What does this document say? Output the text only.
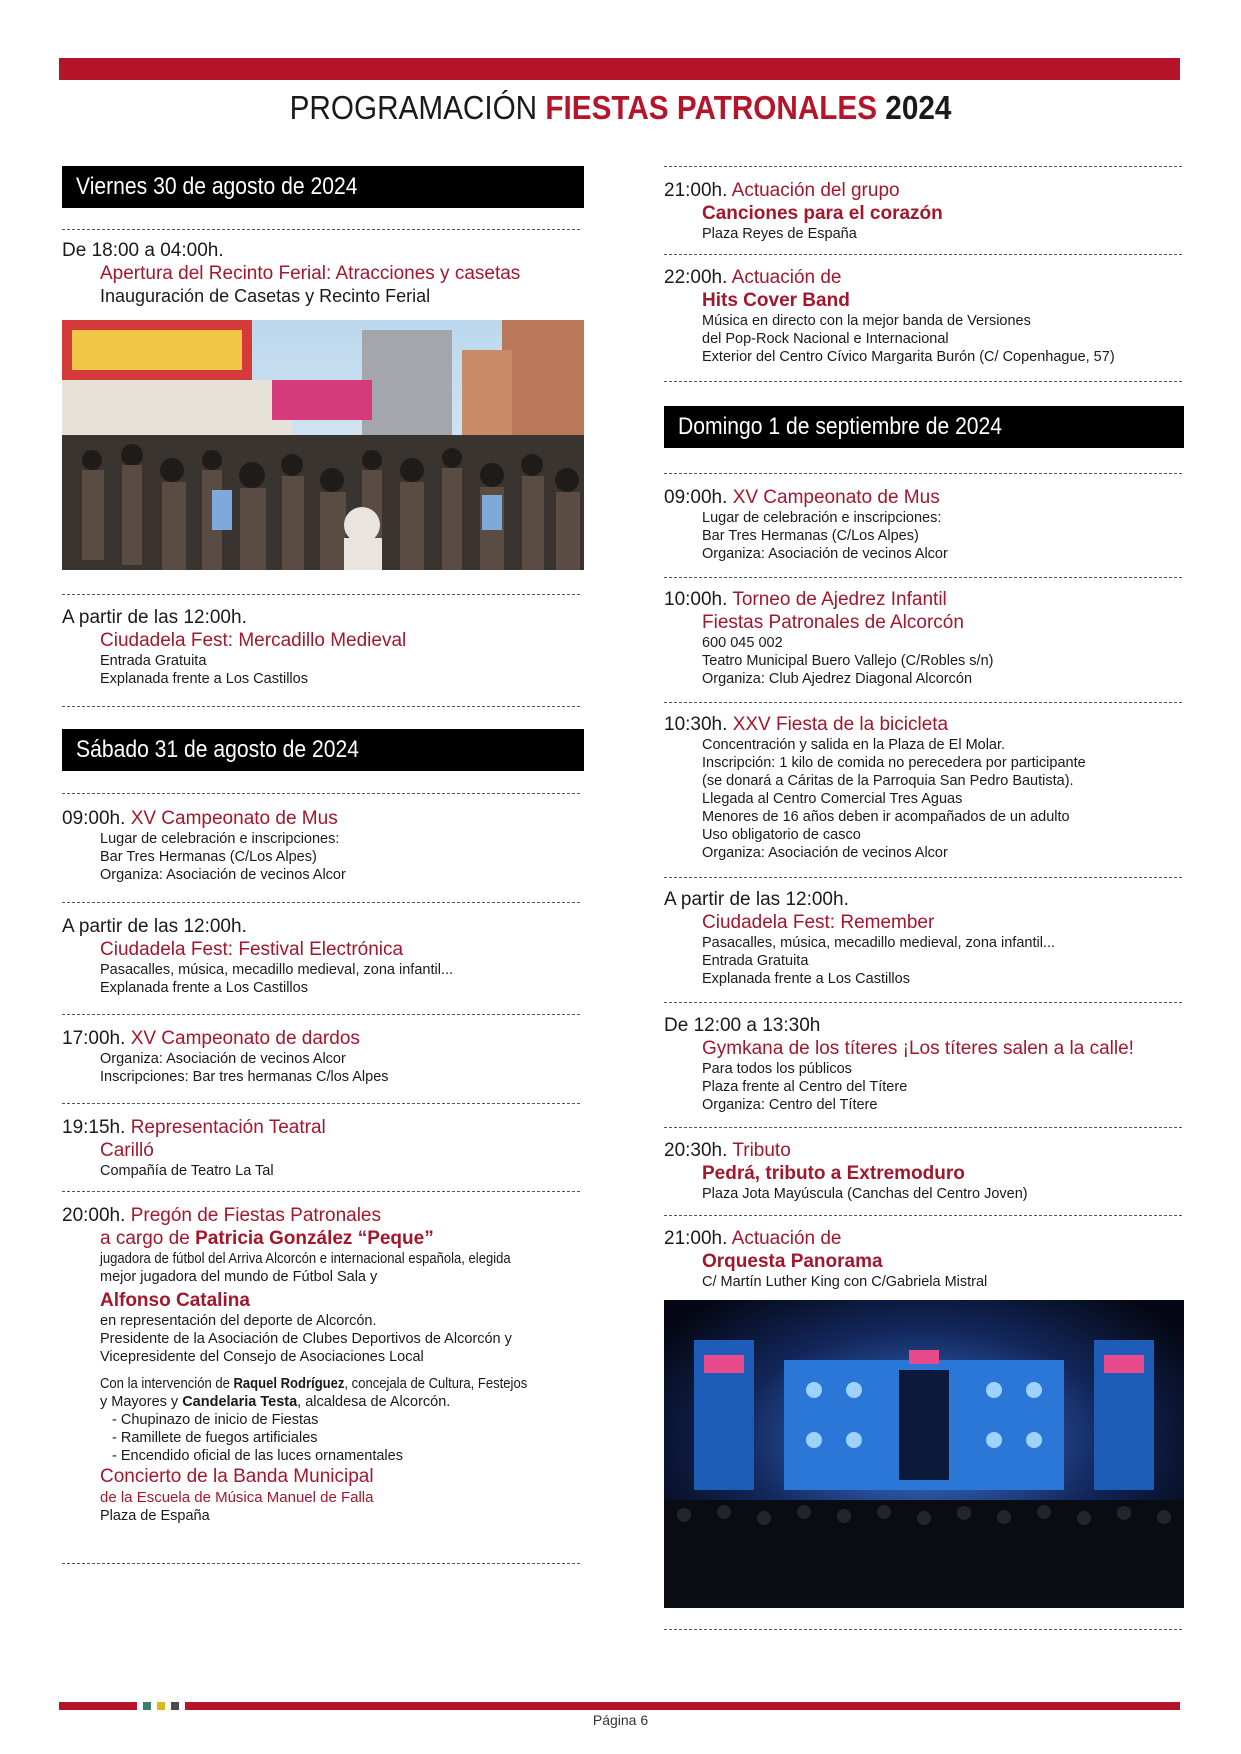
PROGRAMACIÓN FIESTAS PATRONALES 2024
Viernes 30 de agosto de 2024
De 18:00 a 04:00h.
Apertura del Recinto Ferial: Atracciones y casetas
Inauguración de Casetas y Recinto Ferial
A partir de las 12:00h.
Ciudadela Fest: Mercadillo Medieval
Entrada Gratuita
Explanada frente a Los Castillos
Sábado 31 de agosto de 2024
09:00h. XV Campeonato de Mus
Lugar de celebración e inscripciones:
Bar Tres Hermanas (C/Los Alpes)
Organiza: Asociación de vecinos Alcor
A partir de las 12:00h.
Ciudadela Fest: Festival Electrónica
Pasacalles, música, mecadillo medieval, zona infantil...
Explanada frente a Los Castillos
17:00h. XV Campeonato de dardos
Organiza: Asociación de vecinos Alcor
Inscripciones: Bar tres hermanas C/los Alpes
19:15h. Representación Teatral
Carilló
Compañía de Teatro La Tal
20:00h. Pregón de Fiestas Patronales
a cargo de Patricia González “Peque”
jugadora de fútbol del Arriva Alcorcón e internacional española, elegida
mejor jugadora del mundo de Fútbol Sala y
Alfonso Catalina
en representación del deporte de Alcorcón.
Presidente de la Asociación de Clubes Deportivos de Alcorcón y
Vicepresidente del Consejo de Asociaciones Local
Con la intervención de Raquel Rodríguez, concejala de Cultura, Festejos
y Mayores y Candelaria Testa, alcaldesa de Alcorcón.
- Chupinazo de inicio de Fiestas
- Ramillete de fuegos artificiales
- Encendido oficial de las luces ornamentales
Concierto de la Banda Municipal
de la Escuela de Música Manuel de Falla
Plaza de España
21:00h. Actuación del grupo
Canciones para el corazón
Plaza Reyes de España
22:00h. Actuación de
Hits Cover Band
Música en directo con la mejor banda de Versiones
del Pop-Rock Nacional e Internacional
Exterior del Centro Cívico Margarita Burón (C/ Copenhague, 57)
Domingo 1 de septiembre de 2024
09:00h. XV Campeonato de Mus
Lugar de celebración e inscripciones:
Bar Tres Hermanas (C/Los Alpes)
Organiza: Asociación de vecinos Alcor
10:00h. Torneo de Ajedrez Infantil
Fiestas Patronales de Alcorcón
600 045 002
Teatro Municipal Buero Vallejo (C/Robles s/n)
Organiza: Club Ajedrez Diagonal Alcorcón
10:30h. XXV Fiesta de la bicicleta
Concentración y salida en la Plaza de El Molar.
Inscripción: 1 kilo de comida no perecedera por participante
(se donará a Cáritas de la Parroquia San Pedro Bautista).
Llegada al Centro Comercial Tres Aguas
Menores de 16 años deben ir acompañados de un adulto
Uso obligatorio de casco
Organiza: Asociación de vecinos Alcor
A partir de las 12:00h.
Ciudadela Fest: Remember
Pasacalles, música, mecadillo medieval, zona infantil...
Entrada Gratuita
Explanada frente a Los Castillos
De 12:00 a 13:30h
Gymkana de los títeres ¡Los títeres salen a la calle!
Para todos los públicos
Plaza frente al Centro del Títere
Organiza: Centro del Títere
20:30h. Tributo
Pedrá, tributo a Extremoduro
Plaza Jota Mayúscula (Canchas del Centro Joven)
21:00h. Actuación de
Orquesta Panorama
C/ Martín Luther King con C/Gabriela Mistral
Página 6
